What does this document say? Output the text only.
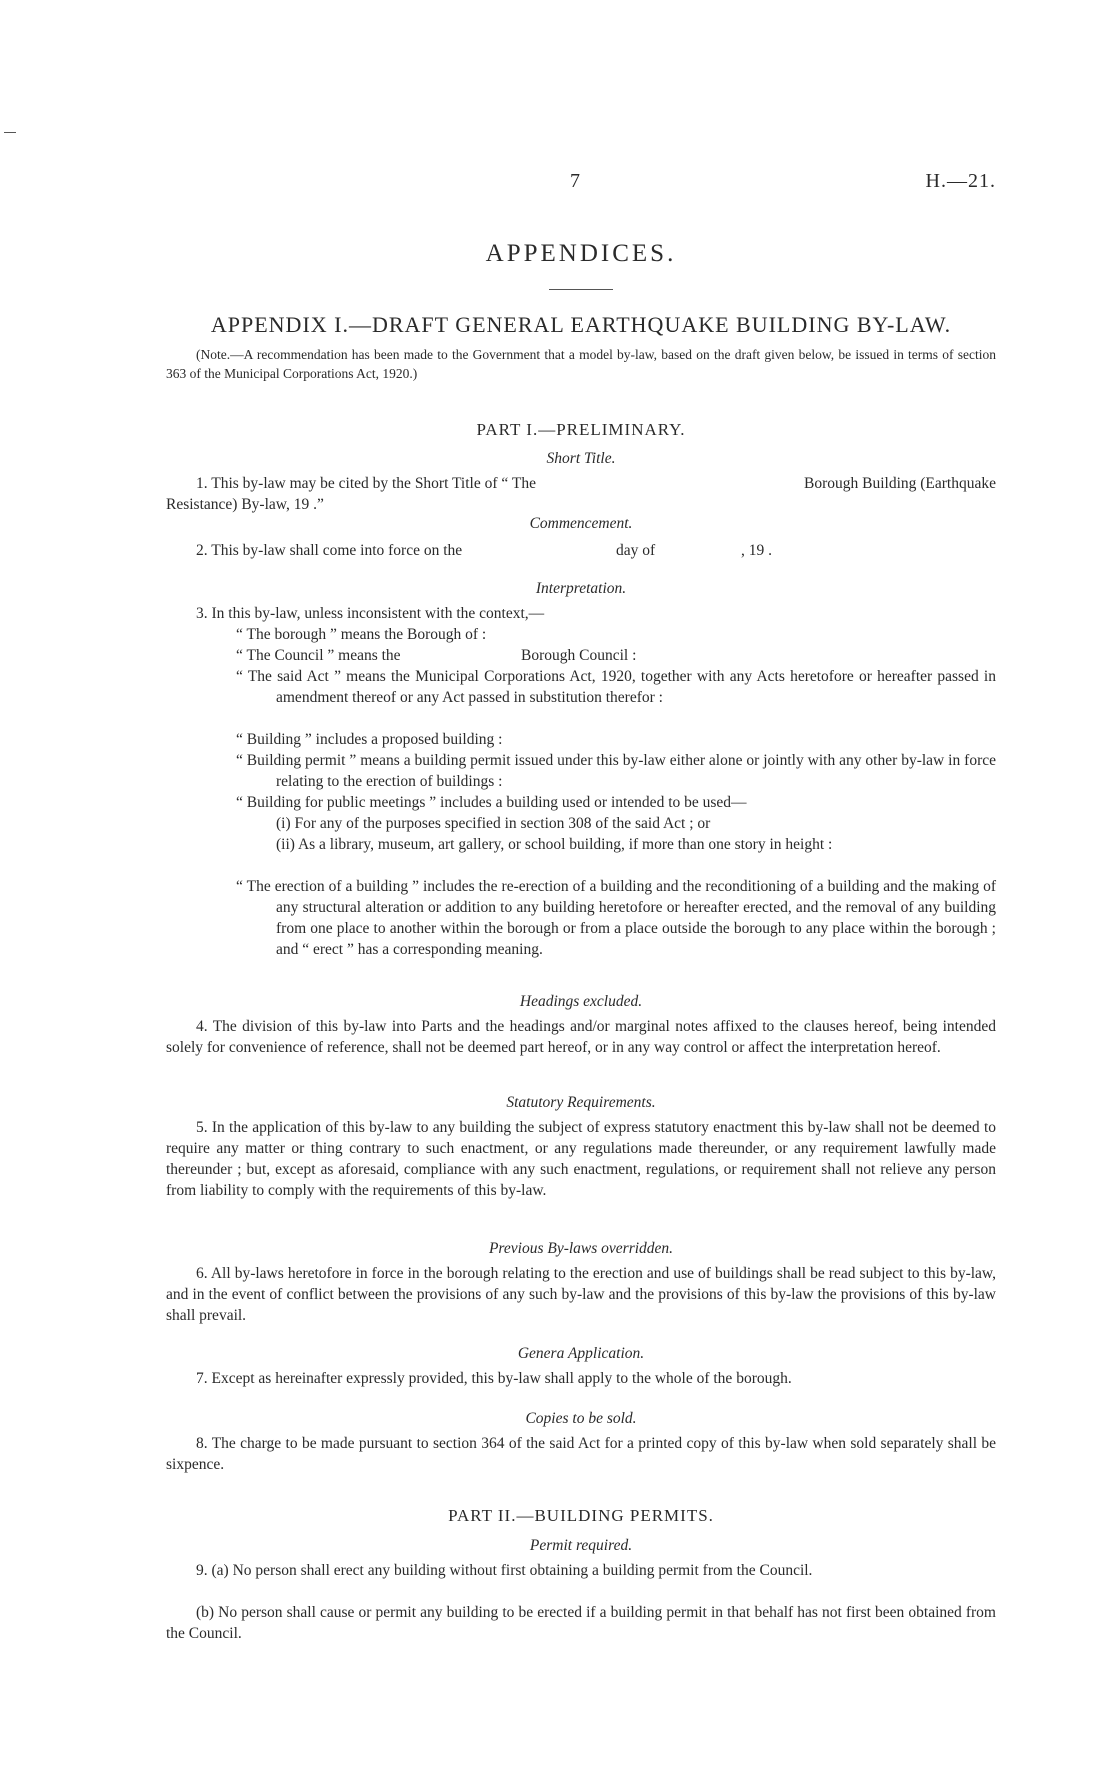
7	H.—21.
APPENDICES.
APPENDIX I.—DRAFT GENERAL EARTHQUAKE BUILDING BY-LAW.
(Note.—A recommendation has been made to the Government that a model by-law, based on the draft given below, be issued in terms of section 363 of the Municipal Corporations Act, 1920.)
PART I.—PRELIMINARY.
Short Title.
1. This by-law may be cited by the Short Title of “ The	Borough Building (Earthquake
Resistance) By-law, 19 .”
Commencement.
2. This by-law shall come into force on the	day of	, 19 .
Interpretation.
3. In this by-law, unless inconsistent with the context,—
“ The borough ” means the Borough of :
“ The Council ” means the	Borough Council :
“ The said Act ” means the Municipal Corporations Act, 1920, together with any Acts heretofore or hereafter passed in amendment thereof or any Act passed in substitution therefor :
“ Building ” includes a proposed building :
“ Building permit ” means a building permit issued under this by-law either alone or jointly with any other by-law in force relating to the erection of buildings :
“ Building for public meetings ” includes a building used or intended to be used—
(i) For any of the purposes specified in section 308 of the said Act ; or
(ii) As a library, museum, art gallery, or school building, if more than one story in height :
“ The erection of a building ” includes the re-erection of a building and the reconditioning of a building and the making of any structural alteration or addition to any building heretofore or hereafter erected, and the removal of any building from one place to another within the borough or from a place outside the borough to any place within the borough ; and “ erect ” has a corresponding meaning.
Headings excluded.
4. The division of this by-law into Parts and the headings and/or marginal notes affixed to the clauses hereof, being intended solely for convenience of reference, shall not be deemed part hereof, or in any way control or affect the interpretation hereof.
Statutory Requirements.
5. In the application of this by-law to any building the subject of express statutory enactment this by-law shall not be deemed to require any matter or thing contrary to such enactment, or any regulations made thereunder, or any requirement lawfully made thereunder ; but, except as aforesaid, compliance with any such enactment, regulations, or requirement shall not relieve any person from liability to comply with the requirements of this by-law.
Previous By-laws overridden.
6. All by-laws heretofore in force in the borough relating to the erection and use of buildings shall be read subject to this by-law, and in the event of conflict between the provisions of any such by-law and the provisions of this by-law the provisions of this by-law shall prevail.
Genera Application.
7. Except as hereinafter expressly provided, this by-law shall apply to the whole of the borough.
Copies to be sold.
8. The charge to be made pursuant to section 364 of the said Act for a printed copy of this by-law when sold separately shall be sixpence.
PART II.—BUILDING PERMITS.
Permit required.
9. (a) No person shall erect any building without first obtaining a building permit from the Council.
(b) No person shall cause or permit any building to be erected if a building permit in that behalf has not first been obtained from the Council.
